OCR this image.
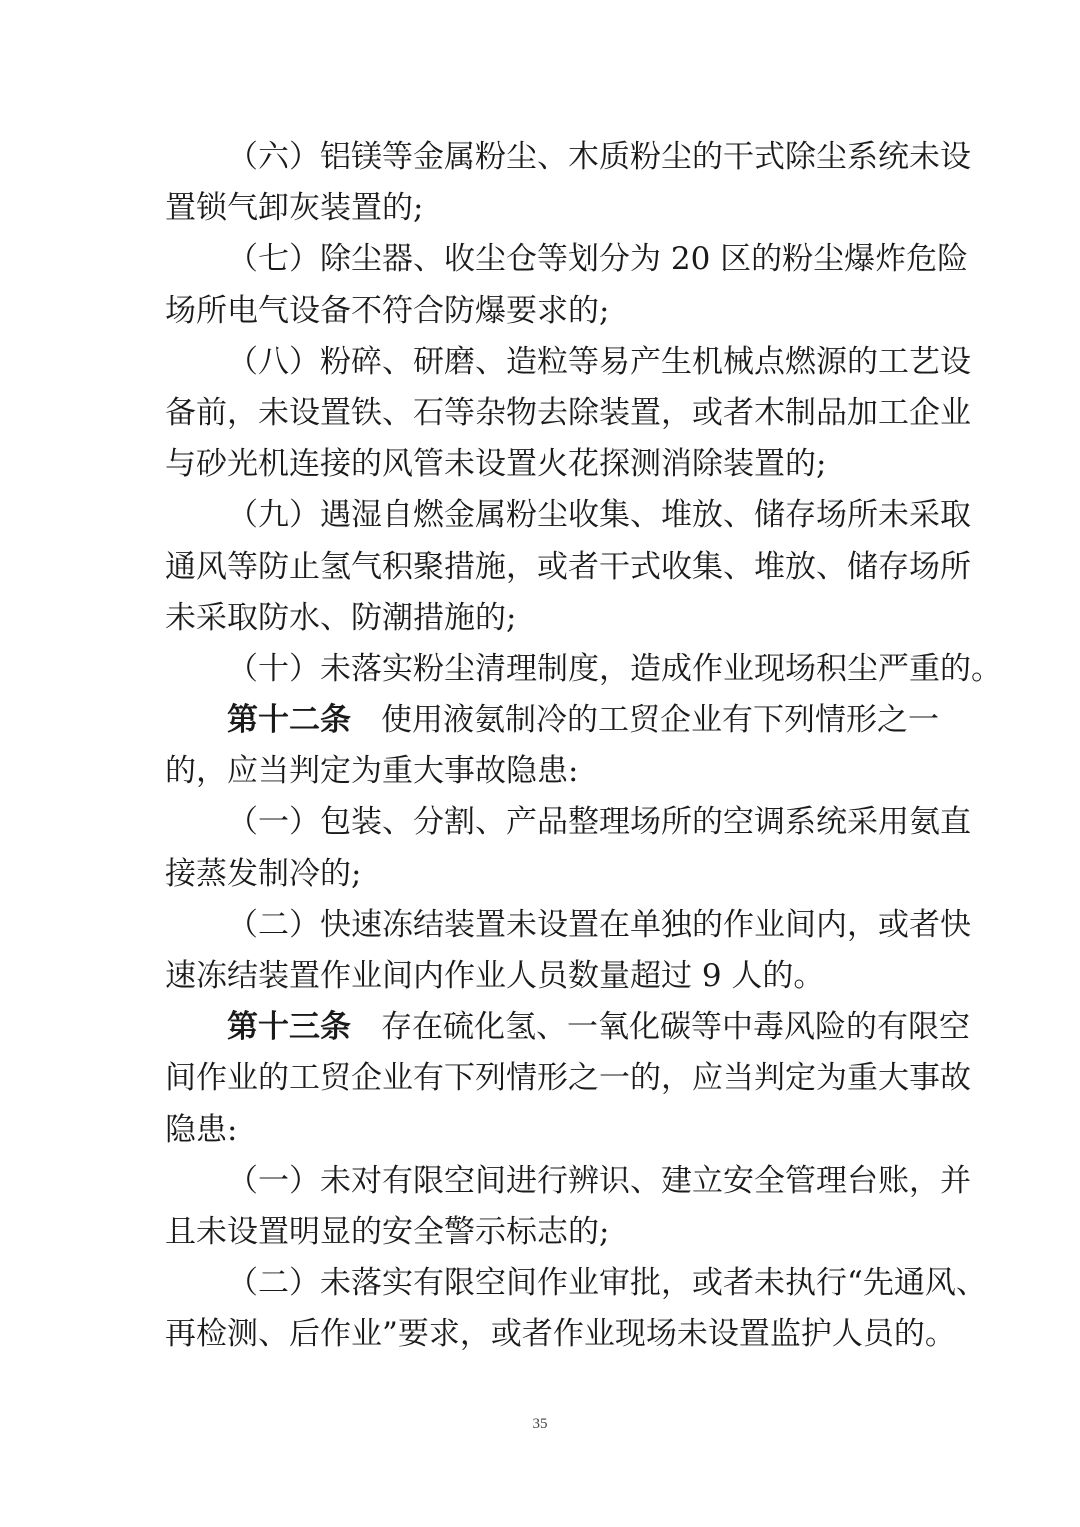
（六）铝镁等金属粉尘、木质粉尘的干式除尘系统未设
置锁气卸灰装置的;
（七）除尘器、收尘仓等划分为 20 区的粉尘爆炸危险
场所电气设备不符合防爆要求的;
（八）粉碎、研磨、造粒等易产生机械点燃源的工艺设
备前，未设置铁、石等杂物去除装置，或者木制品加工企业
与砂光机连接的风管未设置火花探测消除装置的;
（九）遇湿自燃金属粉尘收集、堆放、储存场所未采取
通风等防止氢气积聚措施，或者干式收集、堆放、储存场所
未采取防水、防潮措施的;
（十）未落实粉尘清理制度，造成作业现场积尘严重的。
第十二条 使用液氨制冷的工贸企业有下列情形之一
的，应当判定为重大事故隐患:
（一）包装、分割、产品整理场所的空调系统采用氨直
接蒸发制冷的;
（二）快速冻结装置未设置在单独的作业间内，或者快
速冻结装置作业间内作业人员数量超过 9 人的。
第十三条 存在硫化氢、一氧化碳等中毒风险的有限空
间作业的工贸企业有下列情形之一的，应当判定为重大事故
隐患:
（一）未对有限空间进行辨识、建立安全管理台账，并
且未设置明显的安全警示标志的;
（二）未落实有限空间作业审批，或者未执行“先通风、
再检测、后作业”要求，或者作业现场未设置监护人员的。
35
